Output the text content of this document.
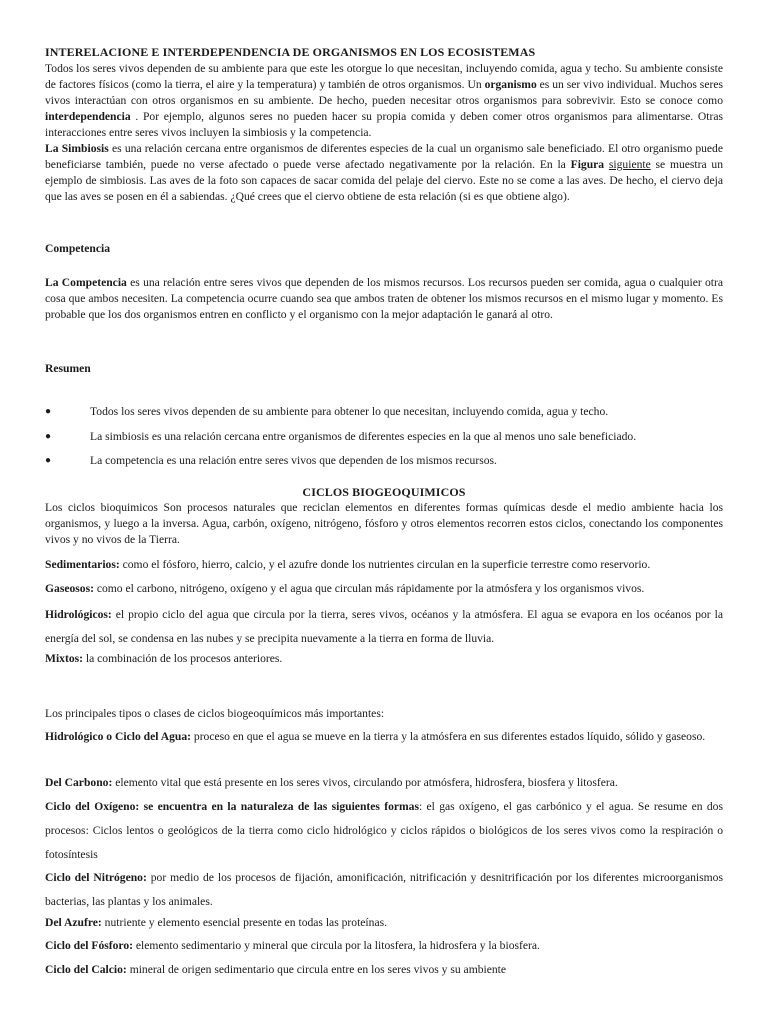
INTERELACIONE E INTERDEPENDENCIA DE ORGANISMOS EN LOS ECOSISTEMAS

Todos los seres vivos dependen de su ambiente para que este les otorgue lo que necesitan, incluyendo comida, agua y techo. Su ambiente consiste de factores físicos (como la tierra, el aire y la temperatura) y también de otros organismos. Un organismo es un ser vivo individual. Muchos seres vivos interactúan con otros organismos en su ambiente. De hecho, pueden necesitar otros organismos para sobrevivir. Esto se conoce como interdependencia . Por ejemplo, algunos seres no pueden hacer su propia comida y deben comer otros organismos para alimentarse. Otras interacciones entre seres vivos incluyen la simbiosis y la competencia.

La Simbiosis es una relación cercana entre organismos de diferentes especies de la cual un organismo sale beneficiado. El otro organismo puede beneficiarse también, puede no verse afectado o puede verse afectado negativamente por la relación. En la Figura siguiente se muestra un ejemplo de simbiosis. Las aves de la foto son capaces de sacar comida del pelaje del ciervo. Este no se come a las aves. De hecho, el ciervo deja que las aves se posen en él a sabiendas. ¿Qué crees que el ciervo obtiene de esta relación (si es que obtiene algo).

Competencia

La Competencia es una relación entre seres vivos que dependen de los mismos recursos. Los recursos pueden ser comida, agua o cualquier otra cosa que ambos necesiten. La competencia ocurre cuando sea que ambos traten de obtener los mismos recursos en el mismo lugar y momento. Es probable que los dos organismos entren en conflicto y el organismo con la mejor adaptación le ganará al otro.

Resumen
●	Todos los seres vivos dependen de su ambiente para obtener lo que necesitan, incluyendo comida, agua y techo.
●	La simbiosis es una relación cercana entre organismos de diferentes especies en la que al menos uno sale beneficiado.
●	La competencia es una relación entre seres vivos que dependen de los mismos recursos.
CICLOS BIOGEOQUIMICOS

Los ciclos bioquimicos Son procesos naturales que reciclan elementos en diferentes formas químicas desde el medio ambiente hacia los organismos, y luego a la inversa. Agua, carbón, oxígeno, nitrógeno, fósforo y otros elementos recorren estos ciclos, conectando los componentes vivos y no vivos de la Tierra.

Sedimentarios: como el fósforo, hierro, calcio, y el azufre donde los nutrientes circulan en la superficie terrestre como reservorio.

Gaseosos: como el carbono, nitrógeno, oxígeno y el agua que circulan más rápidamente por la atmósfera y los organismos vivos.

Hidrológicos: el propio ciclo del agua que circula por la tierra, seres vivos, océanos y la atmósfera. El agua se evapora en los océanos por la energía del sol, se condensa en las nubes y se precipita nuevamente a la tierra en forma de lluvia.

Mixtos: la combinación de los procesos anteriores.

Los principales tipos o clases de ciclos biogeoquímicos más importantes:

Hidrológico o Ciclo del Agua: proceso en que el agua se mueve en la tierra y la atmósfera en sus diferentes estados líquido, sólido y gaseoso.

Del Carbono: elemento vital que está presente en los seres vivos, circulando por atmósfera, hidrosfera, biosfera y litosfera.

Ciclo del Oxígeno: se encuentra en la naturaleza de las siguientes formas: el gas oxígeno, el gas carbónico y el agua. Se resume en dos procesos: Ciclos lentos o geológicos de la tierra como ciclo hidrológico y ciclos rápidos o biológicos de los seres vivos como la respiración o fotosíntesis

Ciclo del Nitrógeno: por medio de los procesos de fijación, amonificación, nitrificación y desnitrificación por los diferentes microorganismos bacterias, las plantas y los animales.

Del Azufre: nutriente y elemento esencial presente en todas las proteínas.

Ciclo del Fósforo: elemento sedimentario y mineral que circula por la litosfera, la hidrosfera y la biosfera.

Ciclo del Calcio: mineral de origen sedimentario que circula entre en los seres vivos y su ambiente
